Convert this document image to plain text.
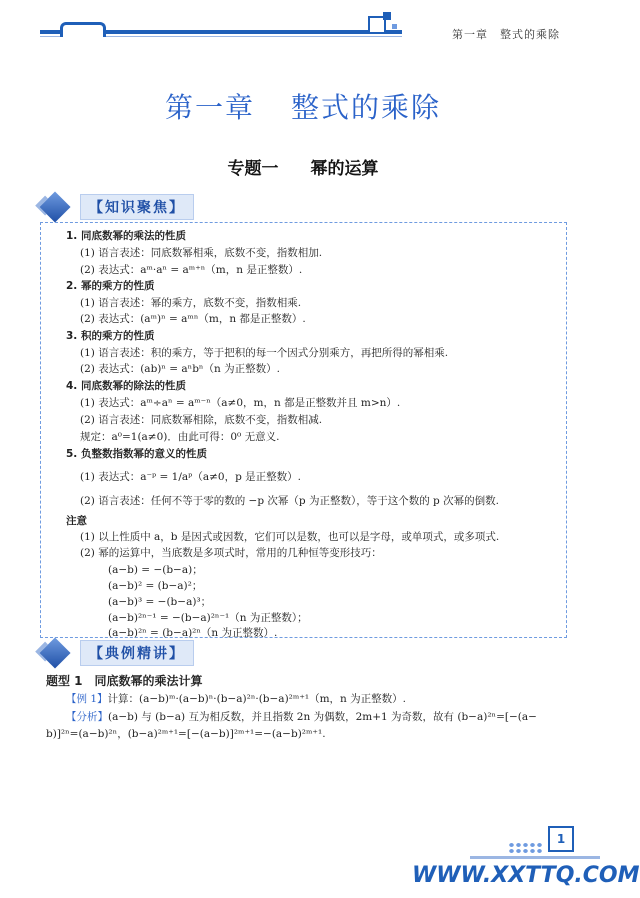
第一章　整式的乘除
第一章 整式的乘除
专题一 幂的运算
【知识聚焦】
1. 同底数幂的乘法的性质
(1) 语言表述：同底数幂相乘，底数不变，指数相加.
(2) 表达式：aᵐ·aⁿ = aᵐ⁺ⁿ（m，n 是正整数）.
2. 幂的乘方的性质
(1) 语言表述：幂的乘方，底数不变，指数相乘.
(2) 表达式：(aᵐ)ⁿ = aᵐⁿ（m，n 都是正整数）.
3. 积的乘方的性质
(1) 语言表述：积的乘方，等于把积的每一个因式分别乘方，再把所得的幂相乘.
(2) 表达式：(ab)ⁿ = aⁿbⁿ（n 为正整数）.
4. 同底数幂的除法的性质
(1) 表达式：aᵐ÷aⁿ = aᵐ⁻ⁿ（a≠0，m，n 都是正整数并且 m>n）.
(2) 语言表述：同底数幂相除，底数不变，指数相减.
规定：a⁰=1(a≠0)．由此可得：0⁰ 无意义.
5. 负整数指数幂的意义的性质
(1) 表达式：a⁻ᵖ = 1/aᵖ（a≠0，p 是正整数）.
(2) 语言表述：任何不等于零的数的 −p 次幂（p 为正整数），等于这个数的 p 次幂的倒数.
注意
(1) 以上性质中 a，b 是因式或因数，它们可以是数，也可以是字母，或单项式，或多项式.
(2) 幂的运算中，当底数是多项式时，常用的几种恒等变形技巧：
(a−b) = −(b−a)；
(a−b)² = (b−a)²；
(a−b)³ = −(b−a)³；
(a−b)²ⁿ⁻¹ = −(b−a)²ⁿ⁻¹（n 为正整数）；
(a−b)²ⁿ = (b−a)²ⁿ（n 为正整数）.
【典例精讲】
题型 1　同底数幂的乘法计算
【例 1】计算：(a−b)ᵐ·(a−b)ⁿ·(b−a)²ⁿ·(b−a)²ᵐ⁺¹（m，n 为正整数）.
【分析】(a−b) 与 (b−a) 互为相反数，并且指数 2n 为偶数，2m+1 为奇数，故有 (b−a)²ⁿ=[−(a−
b)]²ⁿ=(a−b)²ⁿ，(b−a)²ᵐ⁺¹=[−(a−b)]²ᵐ⁺¹=−(a−b)²ᵐ⁺¹.
1
WWW.XXTTQ.COM
